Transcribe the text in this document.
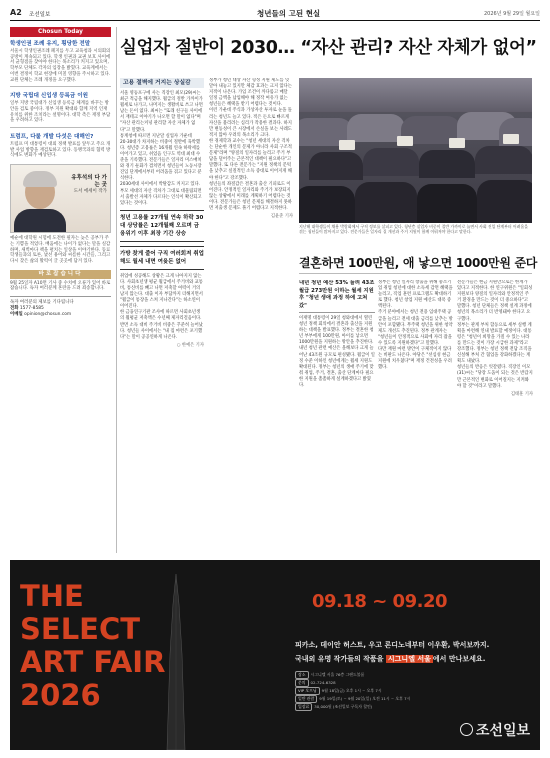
A2 조선일보	청년들의 고된 현실	2026년 9월 29일 월요일
Chosun Today
학생인권 조례 유지, 횡당한 전말
서울시 학생인권조례 폐지를 두고 교육청과 시의회의 공방이 계속되고 있다. 학생 인권과 교권 보호 사이에서 균형점을 찾아야 한다는 목소리가 커지고 있으며, 학부모 단체도 각자의 입장을 밝혔다. 교육계에서는 이번 결정이 학교 현장에 미칠 영향을 주시하고 있다. 교원 단체는 조례 개정을 요구했다.
지방 국립대 신입생 등록금 이원
일부 지방 국립대가 신입생 등록금 체계를 바꾸는 방안을 검토 중이다. 정부 지원 확대와 함께 지역 인재 유치를 위한 조치라는 설명이다. 대학 측은 재정 부담을 우려하고 있다.
트럼프, 다룰 개발 다섯은 대해인?
트럼프 미 대통령이 대외 정책 발표를 앞두고 주요 개발 사업 방향을 재검토하고 있다. 동맹국과의 협력 방식에도 변화가 예상된다.
유후석의 다 가는 곳
도서 에세이 작가
예순에 대학원 시험에 도전한 필자는 늦은 공부가 주는 기쁨을 적었다. 배움에는 나이가 없다는 말을 실감하며, 새벽마다 책을 펼치는 일상을 이야기한다. 동료 학생들과의 토론, 낯선 용어와 씨름한 시간들, 그리고 다시 찾은 삶의 활력이 글 곳곳에 담겨 있다.
바로잡습니다
9월 25일자 A10면 기사 중 수치에 오류가 있어 바로잡습니다. 독자 여러분께 혼란을 드려 죄송합니다.
독자 여러분의 제보를 기다립니다
전화 1577-8585
이메일 opinion@chosun.com
실업자 절반이 2030… “자산 관리? 자산 자체가 없어”
고용 절벽에 거지는 상실감

서울 영등포구에 사는 직장인 최모(29)씨는 최근 적금을 해지했다. 월급의 절반 가까이가 월세로 나가고, 나머지는 생활비로 쓰고 나면 남는 돈이 없다. 최씨는 "또래 친구들 사이에서 재테크 이야기가 나오면 할 말이 없다"며 "자산 관리는커녕 관리할 자산 자체가 없다"고 말했다.

통계청에 따르면 지난달 실업자 가운데 20·30대가 차지하는 비중이 절반에 육박했다. 청년층 고용률은 16개월 연속 하락세를 이어가고 있고, 쉬었음 인구도 역대 최대 수준을 기록했다. 전문가들은 일자리 미스매치와 경기 둔화가 겹치면서 청년들이 노동시장 진입 단계에서부터 어려움을 겪고 있다고 분석한다.

2030세대 사이에서 박탈감도 커지고 있다. 부모 세대의 자산 격차가 그대로 대물림되면서 출발선 자체가 다르다는 인식이 확산되고 있다는 것이다.

청년 고용률 27개월 연속 하락 30대 상당률은 12개월째 오르며 금융위기 이후 최장 기간 상승
가방 찾게 줄어 구직 여러회져 취업해도 월세 내면 여윳돈 없어

취업에 성공해도 상황은 크게 나아지지 않는다. 사회초년생 평균 월급에서 주거비와 교통비, 통신비를 빼고 나면 저축할 여력이 거의 남지 않는다. 대출 이자 부담까지 더해지면서 "월급이 통장을 스쳐 지나간다"는 하소연이 이어진다.

한 금융연구기관 조사에 따르면 사회초년생의 월평균 저축액은 수년째 제자리걸음이다. 반면 소득 대비 주거비 비중은 꾸준히 늘어났다. 청년들 사이에서는 "내 집 마련은 포기했다"는 말이 공공연하게 나온다.

○ 한예은 기자

정부가 청년 대상 자산 형성 지원 제도를 잇달아 내놓고 있지만 체감 효과는 크지 않다는 지적이 나온다. 가입 조건이 까다롭고 매달 일정 금액을 납입해야 해 정작 여유가 없는 청년들은 혜택을 받기 어렵다는 것이다.

이런 가운데 주식과 가상자산 투자로 눈을 돌리는 청년도 늘고 있다. 적은 돈으로 빠르게 자산을 불리려는 심리가 작용한 결과다. 하지만 변동성이 큰 시장에서 손실을 보는 사례도 적지 않아 우려의 목소리가 크다.

한 경제학과 교수는 "청년 세대의 자산 격차는 단순한 개인의 문제가 아니라 사회 구조적 문제"라며 "양질의 일자리를 늘리고 주거 부담을 덜어주는 근본적인 대책이 필요하다"고 말했다. 또 다른 전문가는 "지원 정책의 문턱을 낮추고 실질적인 소득 증대로 이어지게 해야 한다"고 강조했다.

청년들의 좌절감은 결혼과 출산 기피로도 이어진다. 안정적인 일자리와 주거가 보장되지 않는 상황에서 미래를 계획하기 어렵다는 것이다. 전문가들은 청년 문제를 해결하지 못하면 저출생 문제도 풀기 어렵다고 지적한다.

김윤준 기자
지난해 대학생들이 채용 박람회에서 구직 정보를 살피고 있다. 청년층 실업자 비중이 절반 가까이로 늘면서 사회 진입 단계부터 어려움을 겪는 청년들이 많아지고 있다. 전문가들은 일자리 질 개선과 주거 지원이 함께 이뤄져야 한다고 말한다.
결혼하면 100만원, 애 낳으면 1000만원 준다
내년 청년 예산 53% 늘려 43조 월급 273만원 이하는 월세 지원 후 "청년 생애 과정 하에 고쳐 갔"

이재명 대통령이 29일 청와대에서 열린 청년 정책 회의에서 결혼과 출산을 지원하는 대책을 발표했다. 정부는 결혼한 청년 부부에게 100만원, 아이를 낳으면 1000만원을 지원하는 방안을 추진한다.

내년 청년 관련 예산은 올해보다 크게 늘어난 43조원 규모로 편성됐다. 월급이 일정 수준 이하인 청년에게는 월세 지원도 확대된다. 정부는 청년의 생애 주기에 맞춰 취업, 주거, 결혼, 출산 단계마다 필요한 지원을 촘촘하게 설계하겠다고 밝혔다.

정부는 청년 일자리 창출을 위해 중소기업 취업 청년에 대한 소득세 감면 혜택을 늘리고, 직업 훈련 프로그램도 확대하기로 했다. 청년 창업 지원 예산도 대폭 증액된다.

주거 분야에서는 청년 전용 임대주택 공급을 늘리고 전세 대출 금리를 낮추는 방안이 포함됐다. 무주택 청년을 위한 청약 제도 개선도 추진된다. 정부 관계자는 "청년들이 안정적으로 사회에 자리 잡을 수 있도록 지원하겠다"고 말했다.

다만 재원 마련 방안이 구체적이지 않다는 비판도 나온다. 야당은 "선심성 현금 지원에 치우쳤다"며 재정 건전성을 우려했다.

전문가들은 현금 지원만으로는 한계가 있다고 지적한다. 한 연구위원은 "일회성 지원보다 양질의 일자리와 안정적인 주거 환경을 만드는 것이 더 중요하다"고 말했다. 청년 단체들은 정책 설계 과정에 청년의 목소리가 더 반영돼야 한다고 요구했다.

정부는 관계 부처 합동으로 세부 실행 계획을 마련해 연내 발표할 예정이다. 대통령은 "청년이 희망을 가질 수 있는 나라를 만드는 것이 가장 시급한 과제"라고 강조했다. 정부는 청년 정책 전담 조직을 신설해 부처 간 협업을 강화하겠다는 계획도 내놨다.

청년들의 반응은 엇갈렸다. 직장인 이모(31)씨는 "당장 도움이 되는 것은 반갑지만 근본적인 변화로 이어질지는 지켜봐야 할 것"이라고 말했다.

김태훈 기자
THE
SELECT
ART FAIR
2026
09.18 ~ 09.20
피카소, 데이안 허스트, 우고 론디노네부터 이우환, 박서보까지.
국내외 유명 작가들의 작품을 시그니엘 서울 에서 만나보세요.
장소 시그니엘 서울 76층 그랜드볼룸
문의 02-724-6328
VIP 오프닝 9월 18일(금) 오후 1시 ~ 오후 7시
일반 관람 9월 19일(토) ~ 9월 20일(일) 오전 11시 ~ 오후 7시
입장료 30,000원 (조선일보 구독자 할인)
조선일보
